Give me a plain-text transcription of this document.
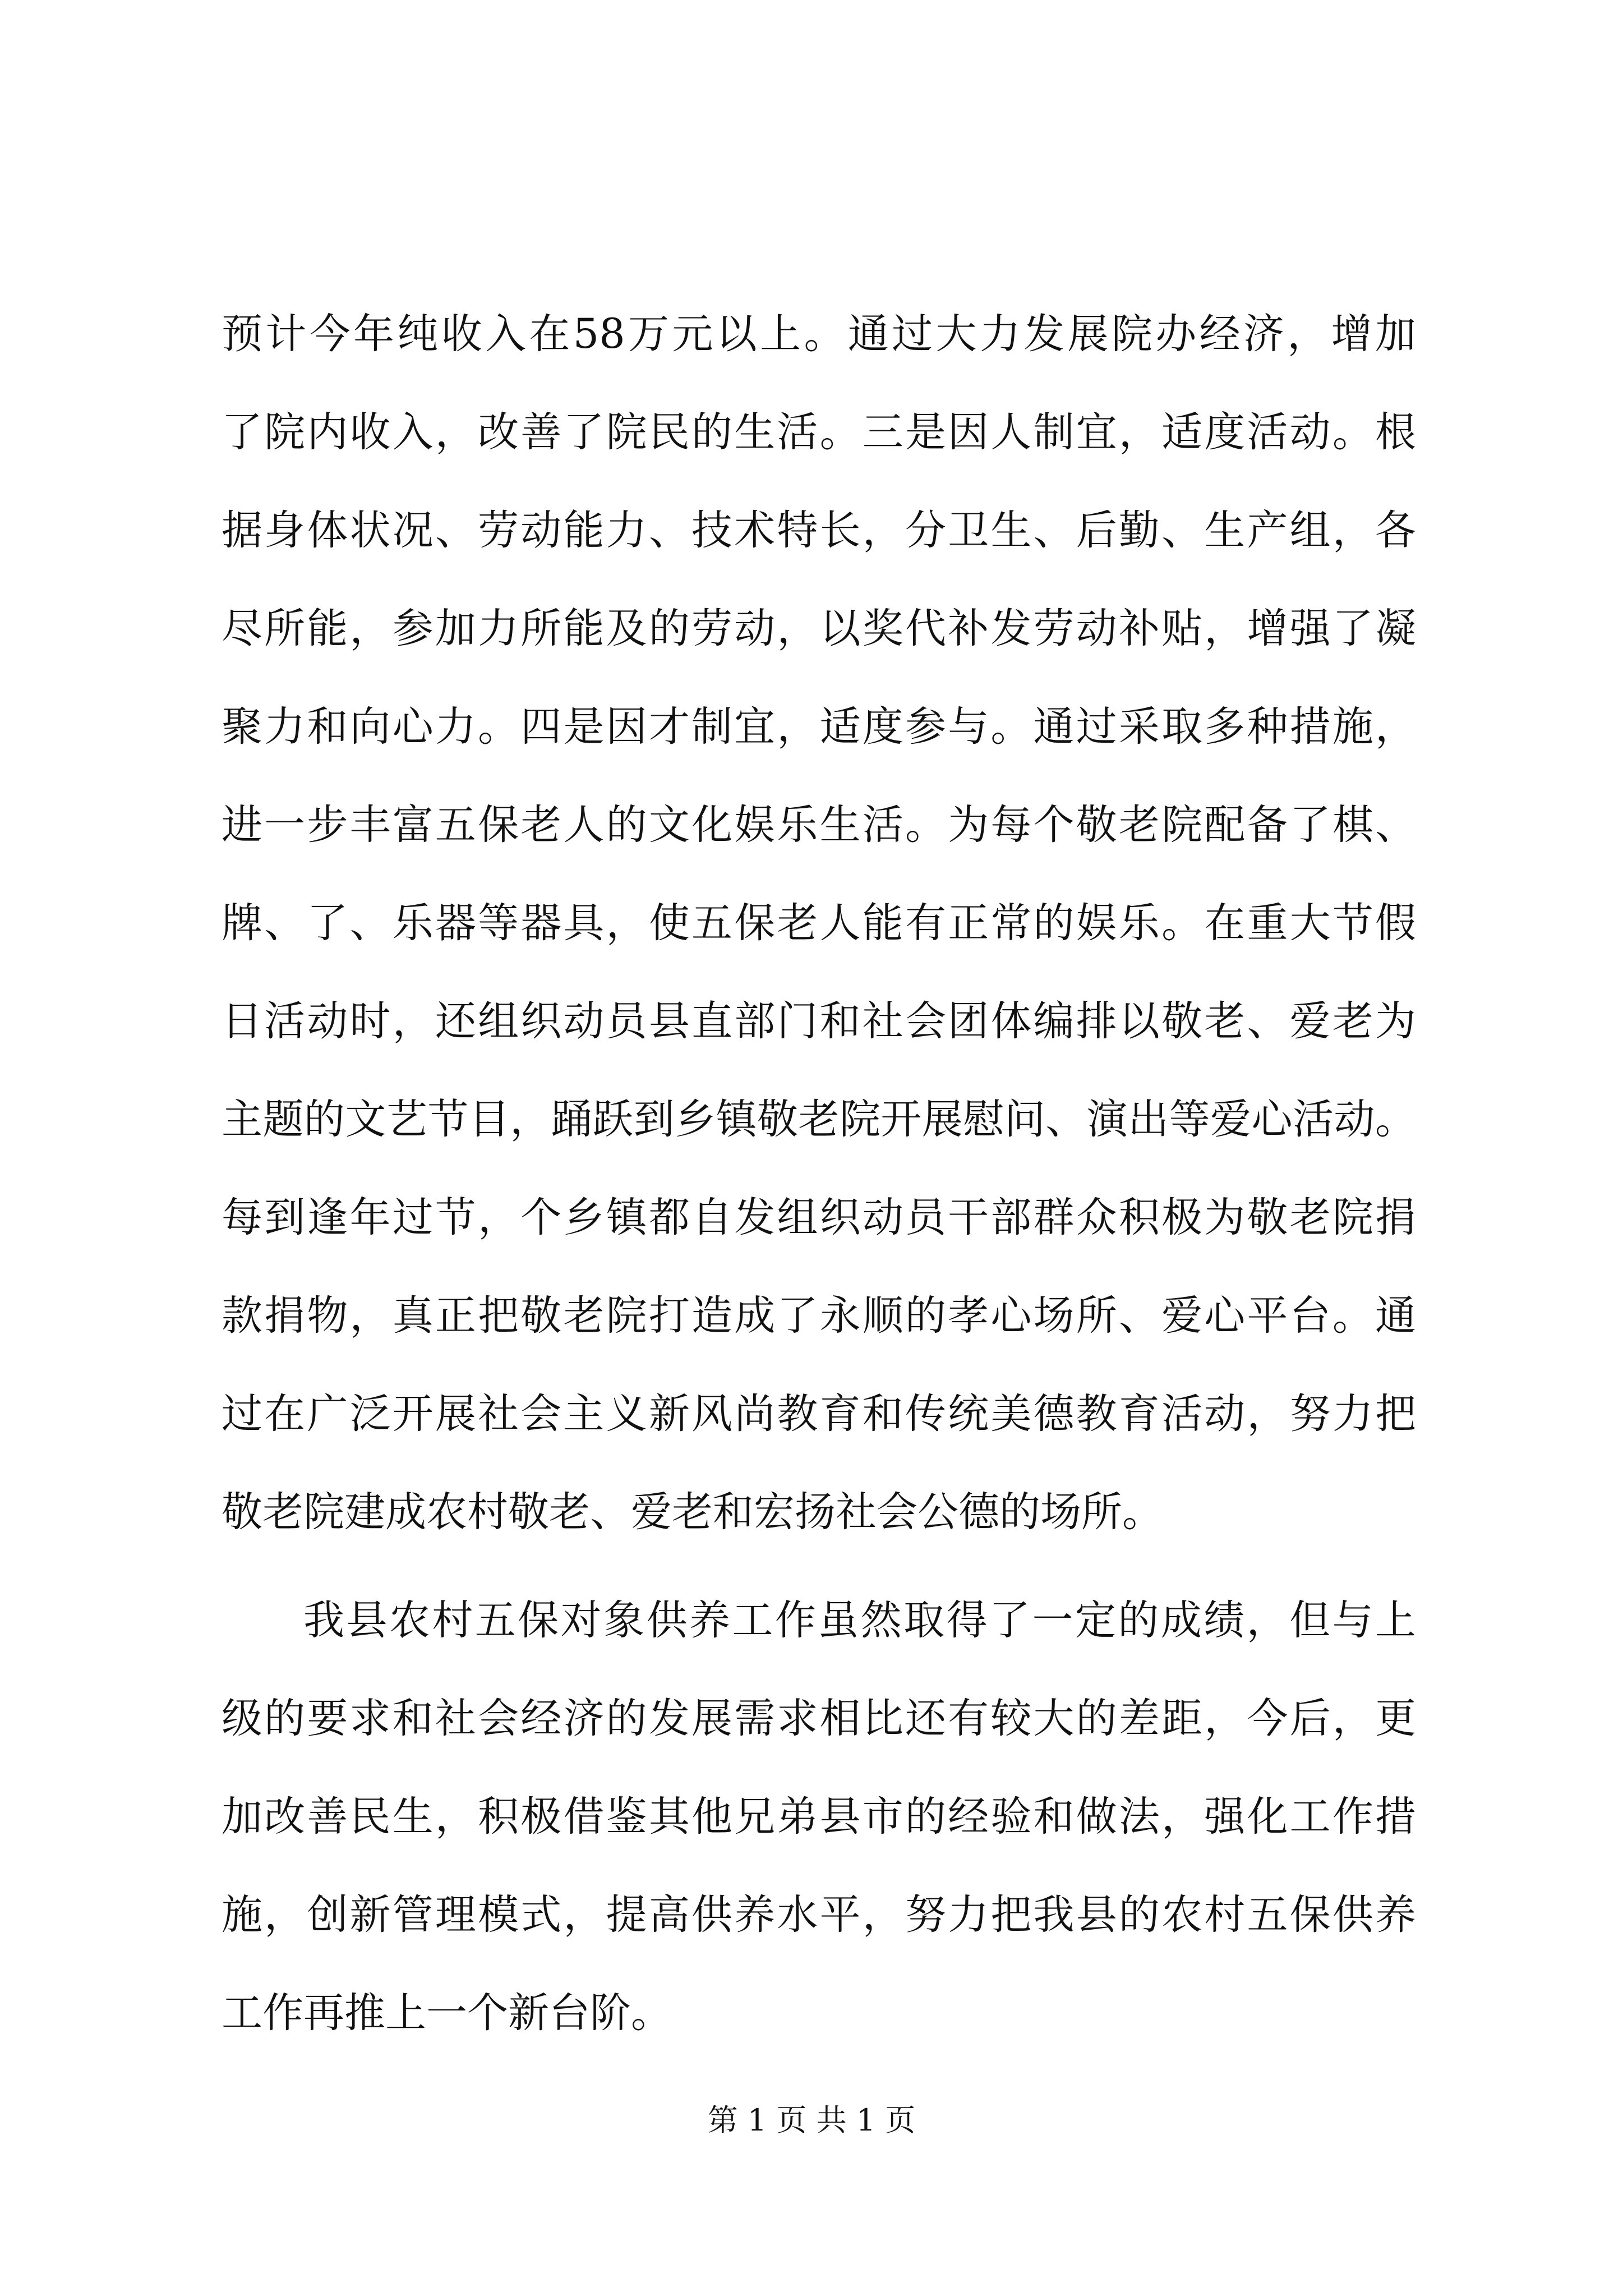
预计今年纯收入在58万元以上。通过大力发展院办经济，增加
了院内收入，改善了院民的生活。三是因人制宜，适度活动。根
据身体状况、劳动能力、技术特长，分卫生、后勤、生产组，各
尽所能，参加力所能及的劳动，以奖代补发劳动补贴，增强了凝
聚力和向心力。四是因才制宜，适度参与。通过采取多种措施，
进一步丰富五保老人的文化娱乐生活。为每个敬老院配备了棋、
牌、了、乐器等器具，使五保老人能有正常的娱乐。在重大节假
日活动时，还组织动员县直部门和社会团体编排以敬老、爱老为
主题的文艺节目，踊跃到乡镇敬老院开展慰问、演出等爱心活动。
每到逢年过节，个乡镇都自发组织动员干部群众积极为敬老院捐
款捐物，真正把敬老院打造成了永顺的孝心场所、爱心平台。通
过在广泛开展社会主义新风尚教育和传统美德教育活动，努力把
敬老院建成农村敬老、爱老和宏扬社会公德的场所。
我县农村五保对象供养工作虽然取得了一定的成绩，但与上
级的要求和社会经济的发展需求相比还有较大的差距，今后，更
加改善民生，积极借鉴其他兄弟县市的经验和做法，强化工作措
施，创新管理模式，提高供养水平，努力把我县的农村五保供养
工作再推上一个新台阶。
第 1 页 共 1 页
